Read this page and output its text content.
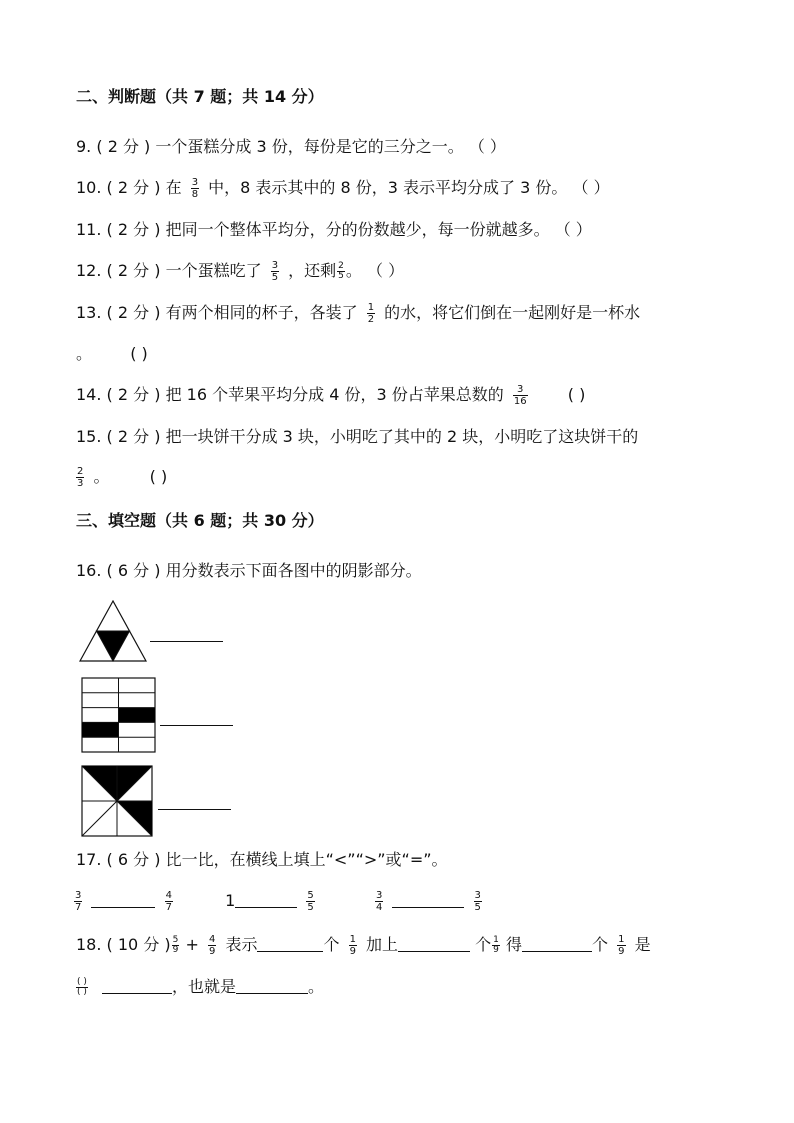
二、判断题（共 7 题；共 14 分）
9. ( 2 分 ) 一个蛋糕分成 3 份，每份是它的三分之一。 （ ）
10. ( 2 分 ) 在 $\frac{3}{8}$ 中，8 表示其中的 8 份，3 表示平均分成了 3 份。 （ ）
11. ( 2 分 ) 把同一个整体平均分，分的份数越少，每一份就越多。 （ ）
12. ( 2 分 ) 一个蛋糕吃了 $\frac{3}{5}$ ，还剩 $\frac{2}{5}$ 。 （ ）
13. ( 2 分 ) 有两个相同的杯子，各装了 $\frac{1}{2}$ 的水，将它们倒在一起刚好是一杯水
。 ( )
14. ( 2 分 ) 把 16 个苹果平均分成 4 份，3 份占苹果总数的 $\frac{3}{16}$	( )
15. ( 2 分 ) 把一块饼干分成 3 块，小明吃了其中的 2 块，小明吃了这块饼干的
$\frac{2}{3}$ 。	( )
三、填空题（共 6 题；共 30 分）
16. ( 6 分 ) 用分数表示下面各图中的阴影部分。
17. ( 6 分 ) 比一比，在横线上填上“<”“>”或“=”。
$\frac{3}{7}$
	$\frac{4}{7}$	1	$\frac{5}{5}$
	$\frac{3}{4}$
	$\frac{3}{5}$
18. ( 10 分 ) $\frac{5}{9} + \frac{4}{9}$ 表示	个 $\frac{1}{9}$ 加上	个 $\frac{1}{9}$ 得	个 $\frac{1}{9}$ 是
$\frac{( )}{( )}$	，也就是	。
